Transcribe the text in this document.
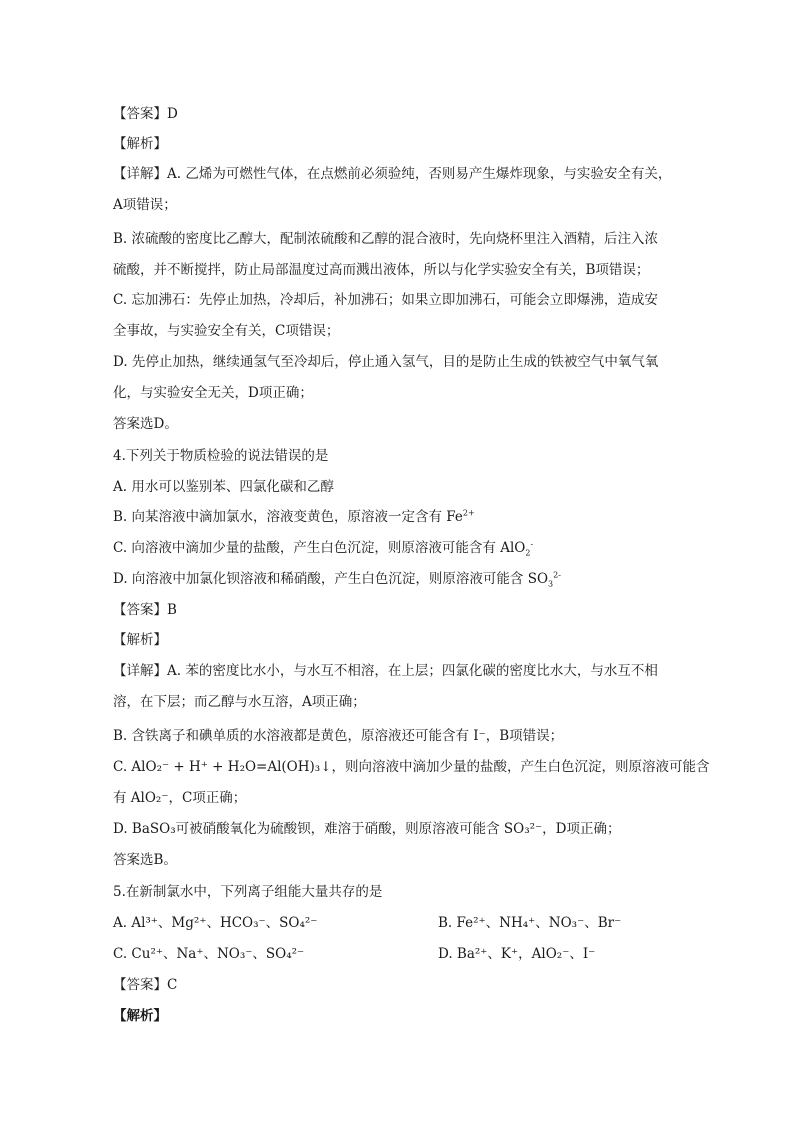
【答案】D
【解析】
【详解】A. 乙烯为可燃性气体，在点燃前必须验纯，否则易产生爆炸现象，与实验安全有关，
A项错误；
B. 浓硫酸的密度比乙醇大，配制浓硫酸和乙醇的混合液时，先向烧杯里注入酒精，后注入浓
硫酸，并不断搅拌，防止局部温度过高而溅出液体，所以与化学实验安全有关，B项错误；
C. 忘加沸石：先停止加热，冷却后，补加沸石；如果立即加沸石，可能会立即爆沸，造成安
全事故，与实验安全有关，C项错误；
D. 先停止加热，继续通氢气至冷却后，停止通入氢气，目的是防止生成的铁被空气中氧气氧
化，与实验安全无关，D项正确；
答案选D。
4.下列关于物质检验的说法错误的是
A. 用水可以鉴别苯、四氯化碳和乙醇
B. 向某溶液中滴加氯水，溶液变黄色，原溶液一定含有 $Fe^{2+}$
C. 向溶液中滴加少量的盐酸，产生白色沉淀，则原溶液可能含有 AlO$_2$-
D. 向溶液中加氯化钡溶液和稀硝酸，产生白色沉淀，则原溶液可能含 $SO_3^{2-}$
【答案】B
【解析】
【详解】A. 苯的密度比水小，与水互不相溶，在上层；四氯化碳的密度比水大，与水互不相
溶，在下层；而乙醇与水互溶，A项正确；
B. 含铁离子和碘单质的水溶液都是黄色，原溶液还可能含有 I⁻，B项错误；
C. AlO₂⁻ + H⁺ + H₂O=Al(OH)₃↓，则向溶液中滴加少量的盐酸，产生白色沉淀，则原溶液可能含
有 AlO₂⁻，C项正确；
D. BaSO₃可被硝酸氧化为硫酸钡，难溶于硝酸，则原溶液可能含 SO₃²⁻，D项正确；
答案选B。
5.在新制氯水中，下列离子组能大量共存的是
A. Al³⁺、Mg²⁺、HCO₃⁻、SO₄²⁻	B. Fe²⁺、NH₄⁺、NO₃⁻、Br⁻
C. Cu²⁺、Na⁺、NO₃⁻、SO₄²⁻	D. Ba²⁺、K⁺，AlO₂⁻、I⁻
【答案】C
【解析】
